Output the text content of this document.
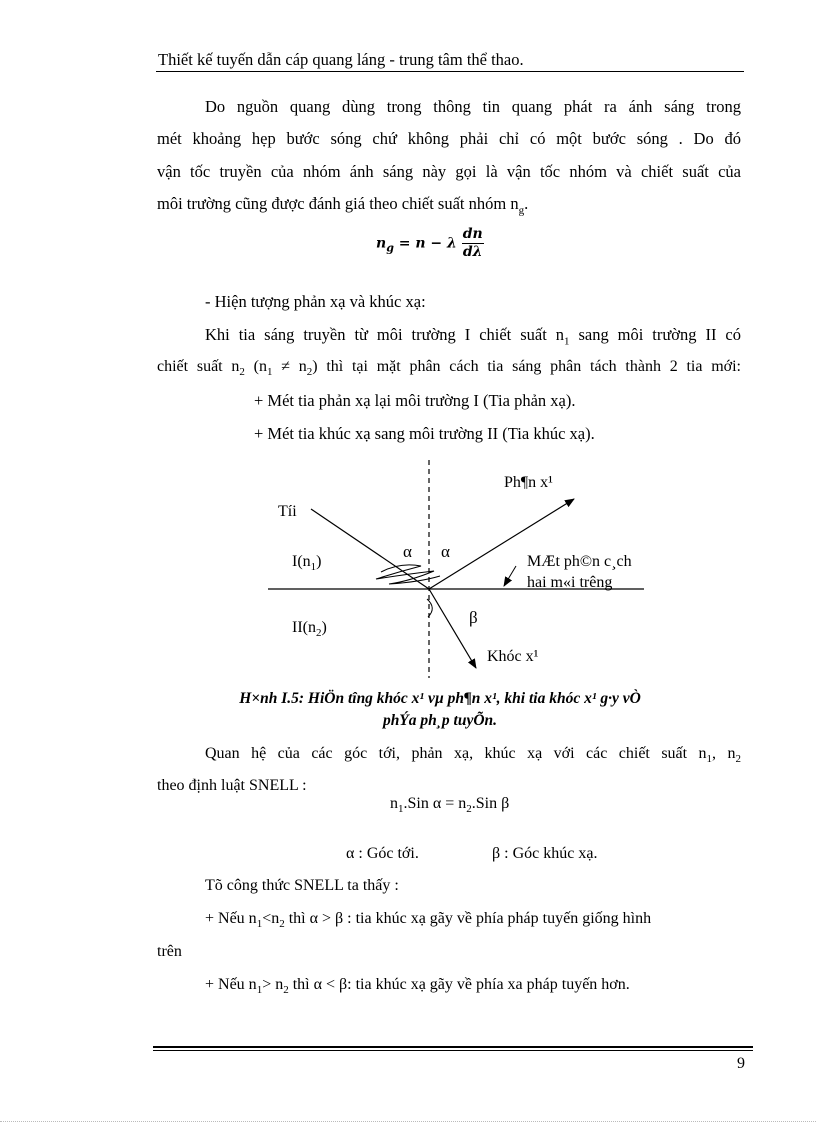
Thiết kế tuyến dẫn cáp quang láng - trung tâm thể thao.
Do nguồn quang dùng trong thông tin quang phát ra ánh sáng trong
mét khoảng hẹp bước sóng chứ không phải chỉ có một bước sóng . Do đó
vận tốc truyền của nhóm ánh sáng này gọi là vận tốc nhóm và chiết suất của
môi trường cũng được đánh giá theo chiết suất nhóm $n_g$.
$n_g = n - \lambda \frac{dn}{d\lambda}$
- Hiện tượng phản xạ và khúc xạ:
Khi tia sáng truyền từ môi trường I chiết suất $n_1$ sang môi trường II có
chiết suất $n_2$ $(n_1 \ne n_2)$ thì tại mặt phân cách tia sáng phân tách thành 2 tia mới:
+ Mét tia phản xạ lại môi trường I (Tia phản xạ).
+ Mét tia khúc xạ sang môi trường II (Tia khúc xạ).
Tíi
Ph¶n x¹
Khóc x¹
$I(n_1)$
$II(n_2)$
α α
β
MÆt ph©n c¸ch
hai m«i trêng
H×nh I.5: HiÖn tîng khóc x¹ vµ ph¶n x¹, khi tia khóc x¹ g·y vÒ
phÝa ph¸p tuyÕn.
Quan hệ của các góc tới, phản xạ, khúc xạ với các chiết suất $n_1$, $n_2$
theo định luật SNELL :
$n_1.Sin$ $\alpha = n_2.Sin$ β
α : Góc tới.	β : Góc khúc xạ.
Tõ công thức SNELL ta thấy :
+ Nếu $n_1<n_2$ thì α > β : tia khúc xạ gãy về phía pháp tuyến giống hình
trên
+ Nếu $n_1> n_2$ thì α < β: tia khúc xạ gãy về phía xa pháp tuyến hơn.
9
